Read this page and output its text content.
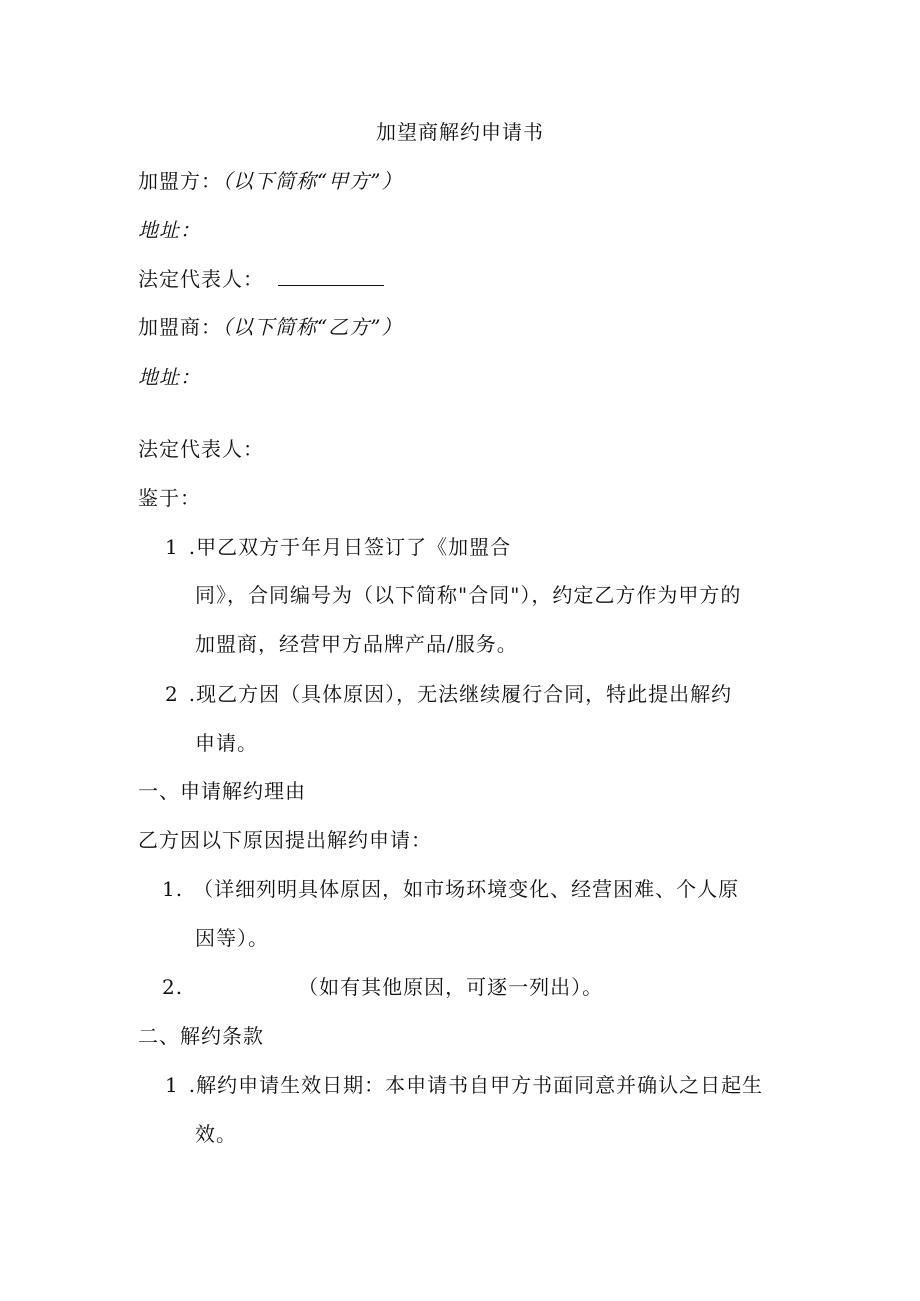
加望商解约申请书
加盟方：（以下简称“甲方”）
地址：
法定代表人：
加盟商：（以下简称“乙方”）
地址：
法定代表人：
鉴于：
1 .甲乙双方于年月日签订了《加盟合
同》，合同编号为（以下简称"合同"），约定乙方作为甲方的
加盟商，经营甲方品牌产品/服务。
2 .现乙方因（具体原因），无法继续履行合同，特此提出解约
申请。
一、申请解约理由
乙方因以下原因提出解约申请：
1. （详细列明具体原因，如市场环境变化、经营困难、个人原
因等）。
2.	（如有其他原因，可逐一列出）。
二、解约条款
1 .解约申请生效日期：本申请书自甲方书面同意并确认之日起生
效。
